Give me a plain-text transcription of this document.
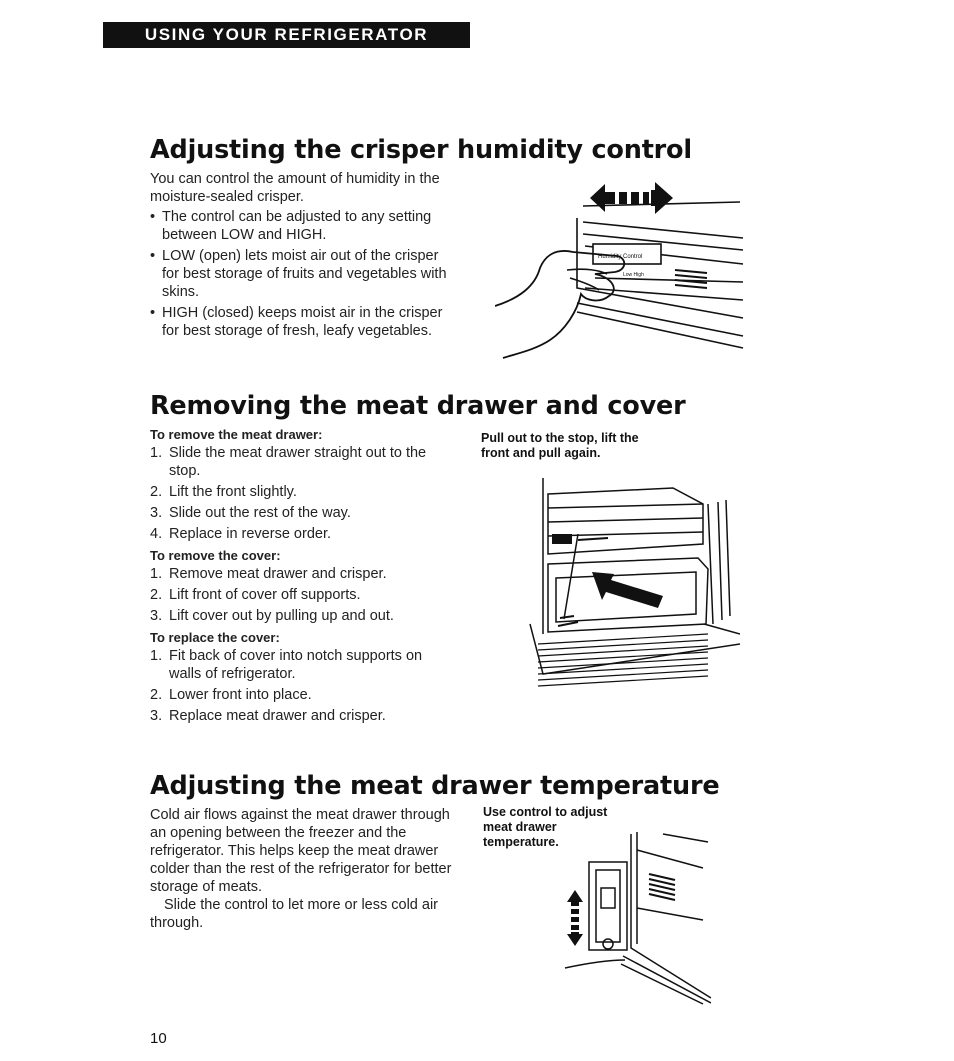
USING YOUR REFRIGERATOR
Adjusting the crisper humidity control

You can control the amount of humidity in the moisture-sealed crisper.

• The control can be adjusted to any setting between LOW and HIGH.
• LOW (open) lets moist air out of the crisper for best storage of fruits and vegetables with skins.
• HIGH (closed) keeps moist air in the crisper for best storage of fresh, leafy vegetables.
Humidity Control
Low High
Removing the meat drawer and cover

To remove the meat drawer:

1. Slide the meat drawer straight out to the stop.
2. Lift the front slightly.
3. Slide out the rest of the way.
4. Replace in reverse order.

To remove the cover:

1. Remove meat drawer and crisper.
2. Lift front of cover off supports.
3. Lift cover out by pulling up and out.

To replace the cover:

1. Fit back of cover into notch supports on walls of refrigerator.
2. Lower front into place.
3. Replace meat drawer and crisper.
Pull out to the stop, lift the front and pull again.
Adjusting the meat drawer temperature

Cold air flows against the meat drawer through an opening between the freezer and the refrigerator. This helps keep the meat drawer colder than the rest of the refrigerator for better storage of meats.

Slide the control to let more or less cold air through.

Use control to adjust meat drawer temperature.
10
